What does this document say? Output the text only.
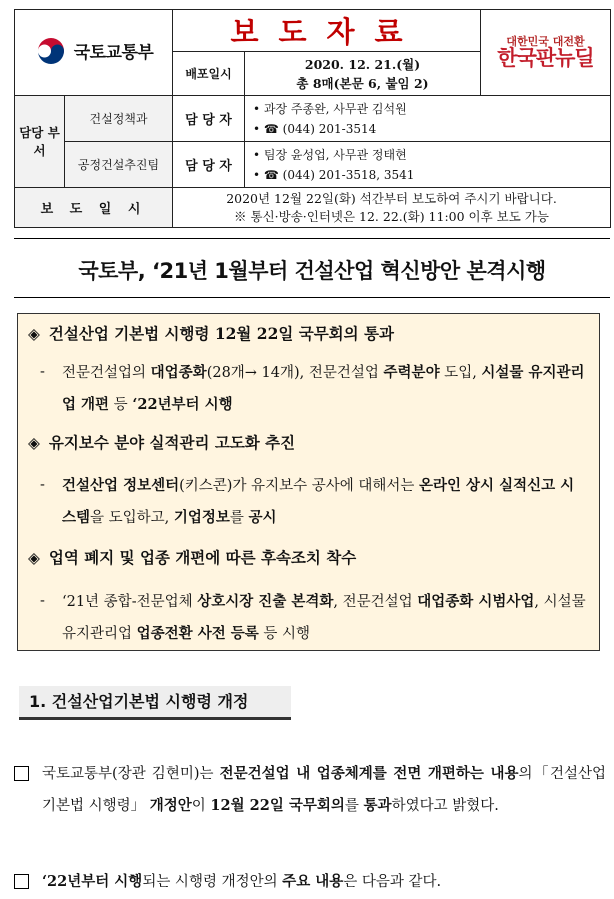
국토교통부		보도자료		대한민국 대전환
한국판뉴딜

		배포일시	2020. 12. 21.(월)
총 8매(본문 6, 붙임 2)	

담당 부서	건설정책과	담 당 자	• 과장 주종완, 사무관 김석원
• ☎ (044) 201-3514	

	공정건설추진팀	담 당 자	• 팀장 윤성업, 사무관 정태현
• ☎ (044) 201-3518, 3541	

보 도 일 시		2020년 12월 22일(화) 석간부터 보도하여 주시기 바랍니다.
※ 통신·방송·인터넷은 12. 22.(화) 11:00 이후 보도 가능		
국토부, ‘21년 1월부터 건설산업 혁신방안 본격시행
◈ 건설산업 기본법 시행령 12월 22일 국무회의 통과
- 전문건설업의 대업종화(28개→ 14개), 전문건설업 주력분야 도입, 시설물 유지관리업 개편 등 ‘22년부터 시행
◈ 유지보수 분야 실적관리 고도화 추진
- 건설산업 정보센터(키스콘)가 유지보수 공사에 대해서는 온라인 상시 실적신고 시스템을 도입하고, 기업정보를 공시
◈ 업역 폐지 및 업종 개편에 따른 후속조치 착수
- ‘21년 종합-전문업체 상호시장 진출 본격화, 전문건설업 대업종화 시범사업, 시설물유지관리업 업종전환 사전 등록 등 시행
1. 건설산업기본법 시행령 개정
국토교통부(장관 김현미)는 전문건설업 내 업종체계를 전면 개편하는 내용의「건설산업기본법 시행령」 개정안이 12월 22일 국무회의를 통과하였다고 밝혔다.
‘22년부터 시행되는 시행령 개정안의 주요 내용은 다음과 같다.
